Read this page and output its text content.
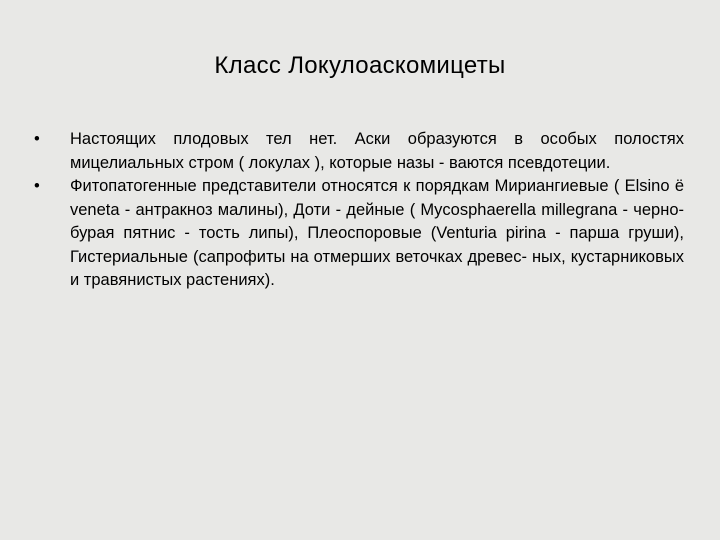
Класс Локулоаскомицеты
•	Настоящих плодовых тел нет. Аски образуются в особых полостях мицелиальных стром ( локулах ), которые назы - ваются псевдотеции.
•	Фитопатогенные представители относятся к порядкам Мириангиевые ( Elsino ё veneta - антракноз малины), Доти - дейные ( Mycosphaerella millegrana - черно-бурая пятнис - тость липы), Плеоспоровые (Venturia pirina - парша груши), Гистериальные (сапрофиты на отмерших веточках древес- ных, кустарниковых и травянистых растениях).
